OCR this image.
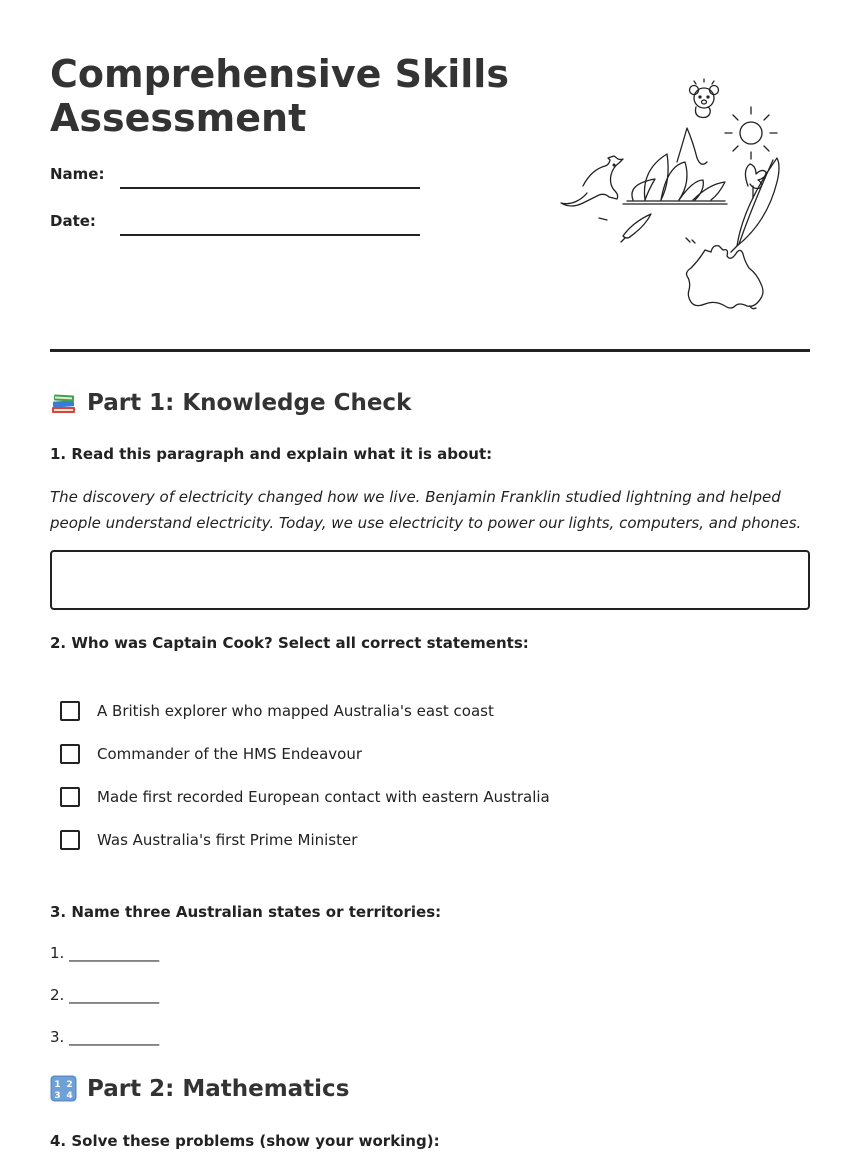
Comprehensive Skills
Assessment
Name:
Date:
Part 1: Knowledge Check
1. Read this paragraph and explain what it is about:
The discovery of electricity changed how we live. Benjamin Franklin studied lightning and helped people understand electricity. Today, we use electricity to power our lights, computers, and phones.
2. Who was Captain Cook? Select all correct statements:
A British explorer who mapped Australia's east coast
Commander of the HMS Endeavour
Made first recorded European contact with eastern Australia
Was Australia's first Prime Minister
3. Name three Australian states or territories:
1. ____________
2. ____________
3. ____________
1 2
3 4 Part 2: Mathematics
4. Solve these problems (show your working):
